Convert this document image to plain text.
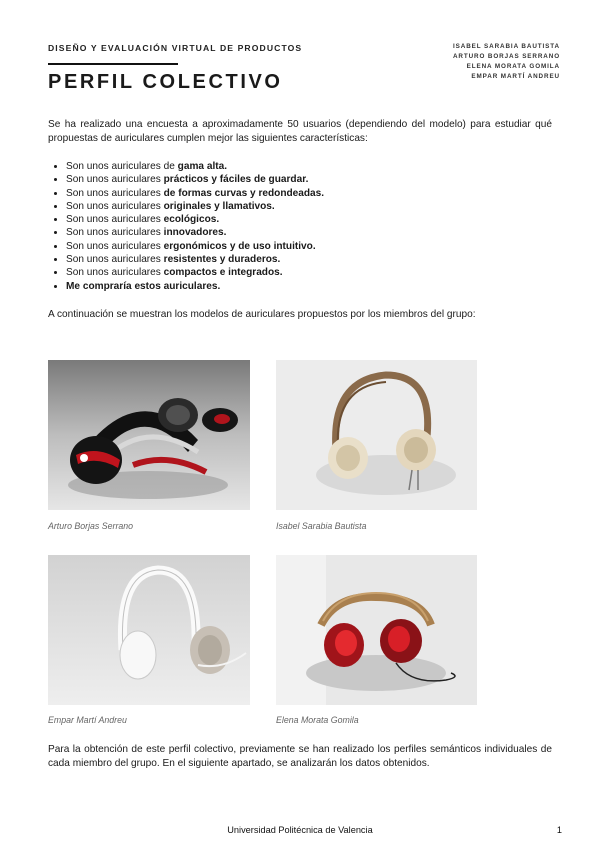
DISEÑO Y EVALUACIÓN VIRTUAL DE PRODUCTOS	ISABEL SARABIA BAUTISTA
ARTURO BORJAS SERRANO
ELENA MORATA GOMILA
EMPAR MARTÍ ANDREU
PERFIL COLECTIVO

Se ha realizado una encuesta a aproximadamente 50 usuarios (dependiendo del modelo) para estudiar qué propuestas de auriculares cumplen mejor las siguientes características:

• Son unos auriculares de gama alta.
• Son unos auriculares prácticos y fáciles de guardar.
• Son unos auriculares de formas curvas y redondeadas.
• Son unos auriculares originales y llamativos.
• Son unos auriculares ecológicos.
• Son unos auriculares innovadores.
• Son unos auriculares ergonómicos y de uso intuitivo.
• Son unos auriculares resistentes y duraderos.
• Son unos auriculares compactos e integrados.
• Me compraría estos auriculares.

A continuación se muestran los modelos de auriculares propuestos por los miembros del grupo:

Arturo Borjas Serrano	Isabel Sarabia Bautista

Empar Martí Andreu	Elena Morata Gomila

Para la obtención de este perfil colectivo, previamente se han realizado los perfiles semánticos individuales de cada miembro del grupo. En el siguiente apartado, se analizarán los datos obtenidos.

Universidad Politécnica de Valencia	1
